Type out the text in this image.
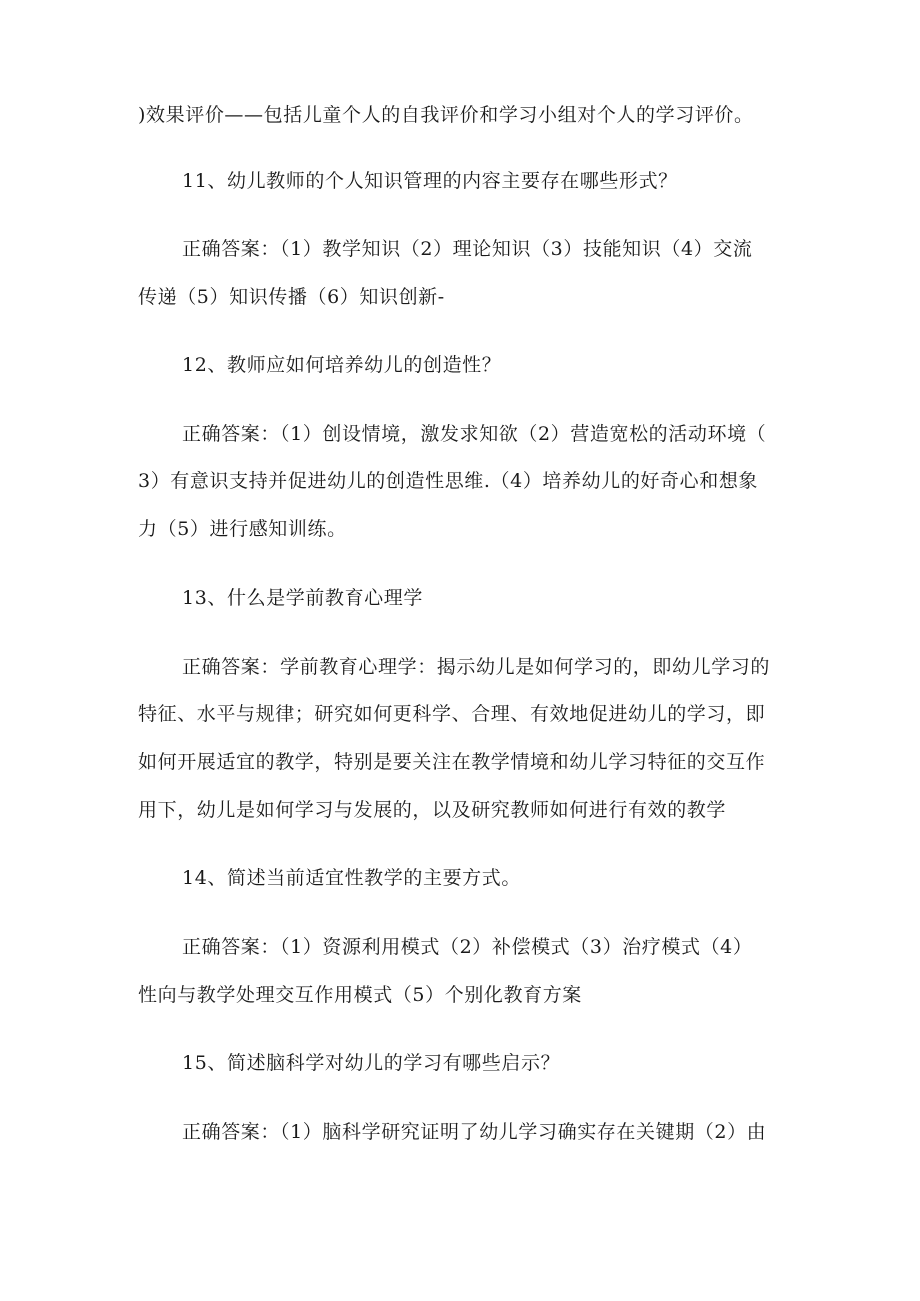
)效果评价——包括儿童个人的自我评价和学习小组对个人的学习评价。
11、幼儿教师的个人知识管理的内容主要存在哪些形式？
正确答案：（1）教学知识（2）理论知识（3）技能知识（4）交流
传递（5）知识传播（6）知识创新-
12、教师应如何培养幼儿的创造性？
正确答案：（1）创设情境，激发求知欲（2）营造宽松的活动环境（
3）有意识支持并促进幼儿的创造性思维.（4）培养幼儿的好奇心和想象
力（5）进行感知训练。
13、什么是学前教育心理学
正确答案：学前教育心理学：揭示幼儿是如何学习的，即幼儿学习的
特征、水平与规律；研究如何更科学、合理、有效地促进幼儿的学习，即
如何开展适宜的教学，特别是要关注在教学情境和幼儿学习特征的交互作
用下，幼儿是如何学习与发展的，以及研究教师如何进行有效的教学
14、简述当前适宜性教学的主要方式。
正确答案：（1）资源利用模式（2）补偿模式（3）治疗模式（4）
性向与教学处理交互作用模式（5）个别化教育方案
15、简述脑科学对幼儿的学习有哪些启示？
正确答案：（1）脑科学研究证明了幼儿学习确实存在关键期（2）由
